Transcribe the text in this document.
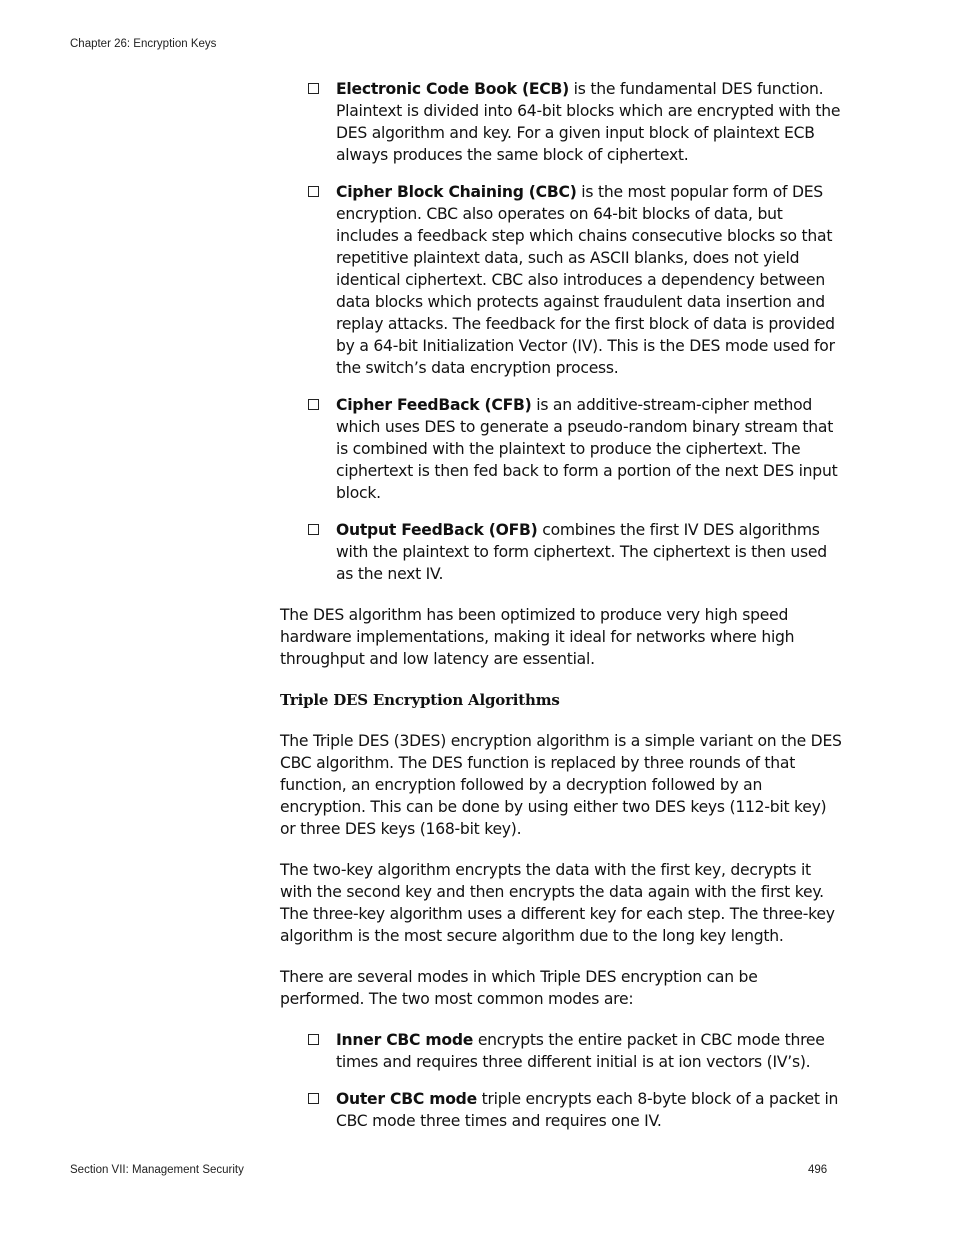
Chapter 26: Encryption Keys
Electronic Code Book (ECB) is the fundamental DES function. Plaintext is divided into 64-bit blocks which are encrypted with the DES algorithm and key. For a given input block of plaintext ECB always produces the same block of ciphertext.
Cipher Block Chaining (CBC) is the most popular form of DES encryption. CBC also operates on 64-bit blocks of data, but includes a feedback step which chains consecutive blocks so that repetitive plaintext data, such as ASCII blanks, does not yield identical ciphertext. CBC also introduces a dependency between data blocks which protects against fraudulent data insertion and replay attacks. The feedback for the first block of data is provided by a 64-bit Initialization Vector (IV). This is the DES mode used for the switch’s data encryption process.
Cipher FeedBack (CFB) is an additive-stream-cipher method which uses DES to generate a pseudo-random binary stream that is combined with the plaintext to produce the ciphertext. The ciphertext is then fed back to form a portion of the next DES input block.
Output FeedBack (OFB) combines the first IV DES algorithms with the plaintext to form ciphertext. The ciphertext is then used as the next IV.

The DES algorithm has been optimized to produce very high speed hardware implementations, making it ideal for networks where high throughput and low latency are essential.

Triple DES Encryption Algorithms

The Triple DES (3DES) encryption algorithm is a simple variant on the DES CBC algorithm. The DES function is replaced by three rounds of that function, an encryption followed by a decryption followed by an encryption. This can be done by using either two DES keys (112-bit key) or three DES keys (168-bit key).

The two-key algorithm encrypts the data with the first key, decrypts it with the second key and then encrypts the data again with the first key. The three-key algorithm uses a different key for each step. The three-key algorithm is the most secure algorithm due to the long key length.

There are several modes in which Triple DES encryption can be performed. The two most common modes are:

Inner CBC mode encrypts the entire packet in CBC mode three times and requires three different initial is at ion vectors (IV’s).
Outer CBC mode triple encrypts each 8-byte block of a packet in CBC mode three times and requires one IV.
Section VII: Management Security	496
